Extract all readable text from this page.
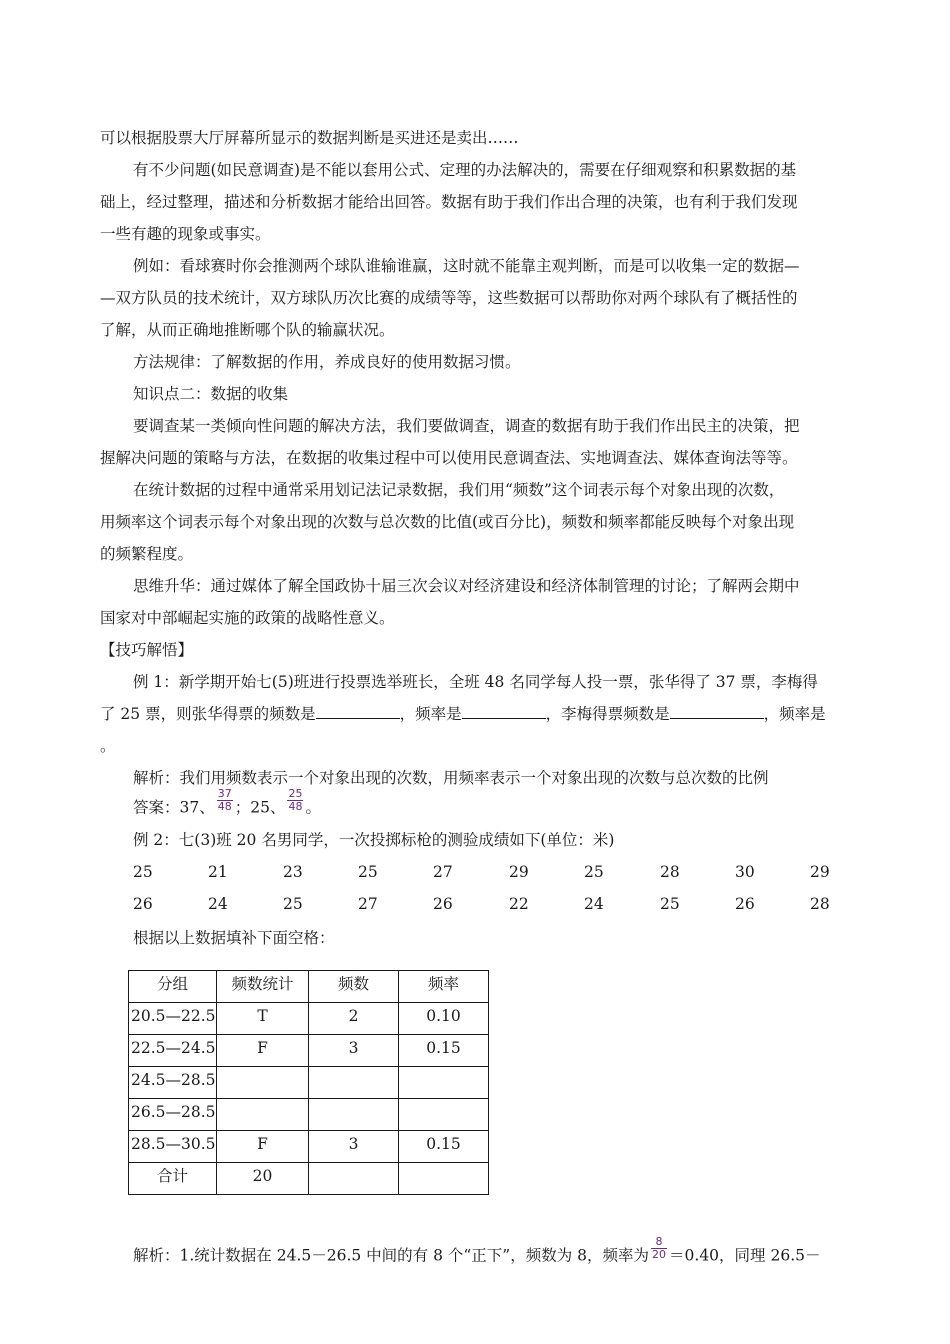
可以根据股票大厅屏幕所显示的数据判断是买进还是卖出……
有不少问题(如民意调查)是不能以套用公式、定理的办法解决的，需要在仔细观察和积累数据的基
础上，经过整理，描述和分析数据才能给出回答。数据有助于我们作出合理的决策，也有利于我们发现
一些有趣的现象或事实。
例如：看球赛时你会推测两个球队谁输谁赢，这时就不能靠主观判断，而是可以收集一定的数据—
—双方队员的技术统计，双方球队历次比赛的成绩等等，这些数据可以帮助你对两个球队有了概括性的
了解，从而正确地推断哪个队的输赢状况。
方法规律：了解数据的作用，养成良好的使用数据习惯。
知识点二：数据的收集
要调查某一类倾向性问题的解决方法，我们要做调查，调查的数据有助于我们作出民主的决策，把
握解决问题的策略与方法，在数据的收集过程中可以使用民意调查法、实地调查法、媒体查询法等等。
在统计数据的过程中通常采用划记法记录数据，我们用“频数”这个词表示每个对象出现的次数，
用频率这个词表示每个对象出现的次数与总次数的比值(或百分比)，频数和频率都能反映每个对象出现
的频繁程度。
思维升华：通过媒体了解全国政协十届三次会议对经济建设和经济体制管理的讨论；了解两会期中
国家对中部崛起实施的政策的战略性意义。
【技巧解悟】
例 1：新学期开始七(5)班进行投票选举班长，全班 48 名同学每人投一票，张华得了 37 票，李梅得
了 25 票，则张华得票的频数是	，频率是	，李梅得票频数是	，频率是
。
解析：我们用频数表示一个对象出现的次数，用频率表示一个对象出现的次数与总次数的比例
答案：37、 $\frac{37}{48}$ ；25、 $\frac{25}{48}$ 。
例 2：七(3)班 20 名男同学，一次投掷标枪的测验成绩如下(单位：米)
25	21	23	25	27	29	25	28	30	29
26	24	25	27	26	22	24	25	26	28
根据以上数据填补下面空格：
分组	频数统计	频数	频率
20.5—22.5	T	2	0.10
22.5—24.5	F	3	0.15
24.5—28.5			
26.5—28.5			
28.5—30.5	F	3	0.15
合计	20		
解析：1.统计数据在 24.5－26.5 中间的有 8 个“正下”，频数为 8，频率为 $\frac{8}{20} =0.40$，同理 26.5－
